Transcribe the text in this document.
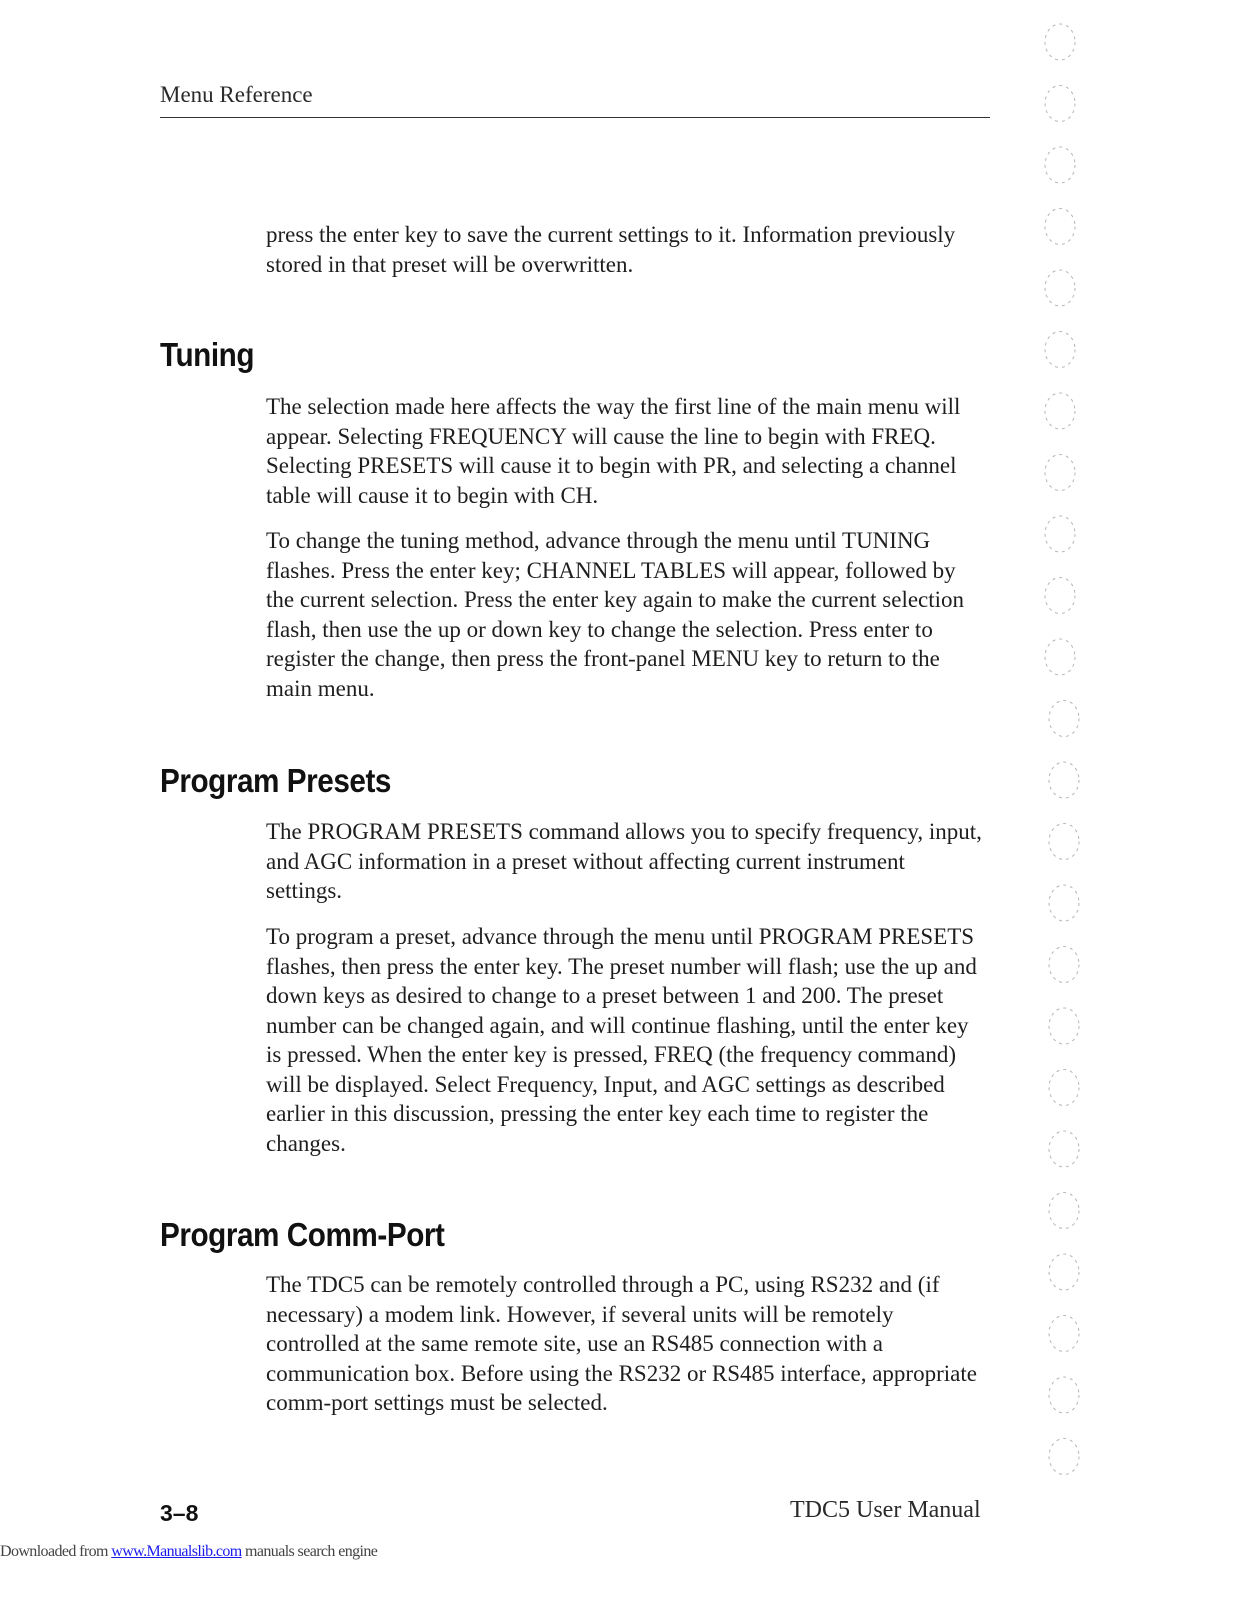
Menu Reference

press the enter key to save the current settings to it. Information previously stored in that preset will be overwritten.

Tuning

The selection made here affects the way the first line of the main menu will appear. Selecting FREQUENCY will cause the line to begin with FREQ. Selecting PRESETS will cause it to begin with PR, and selecting a channel table will cause it to begin with CH.

To change the tuning method, advance through the menu until TUNING flashes. Press the enter key; CHANNEL TABLES will appear, followed by the current selection. Press the enter key again to make the current selection flash, then use the up or down key to change the selection. Press enter to register the change, then press the front-panel MENU key to return to the main menu.

Program Presets

The PROGRAM PRESETS command allows you to specify frequency, input, and AGC information in a preset without affecting current instrument settings.

To program a preset, advance through the menu until PROGRAM PRESETS flashes, then press the enter key. The preset number will flash; use the up and down keys as desired to change to a preset between 1 and 200. The preset number can be changed again, and will continue flashing, until the enter key is pressed. When the enter key is pressed, FREQ (the frequency command) will be displayed. Select Frequency, Input, and AGC settings as described earlier in this discussion, pressing the enter key each time to register the changes.

Program Comm-Port

The TDC5 can be remotely controlled through a PC, using RS232 and (if necessary) a modem link. However, if several units will be remotely controlled at the same remote site, use an RS485 connection with a communication box. Before using the RS232 or RS485 interface, appropriate comm-port settings must be selected.

3–8	TDC5 User Manual
Downloaded from www.Manualslib.com manuals search engine
